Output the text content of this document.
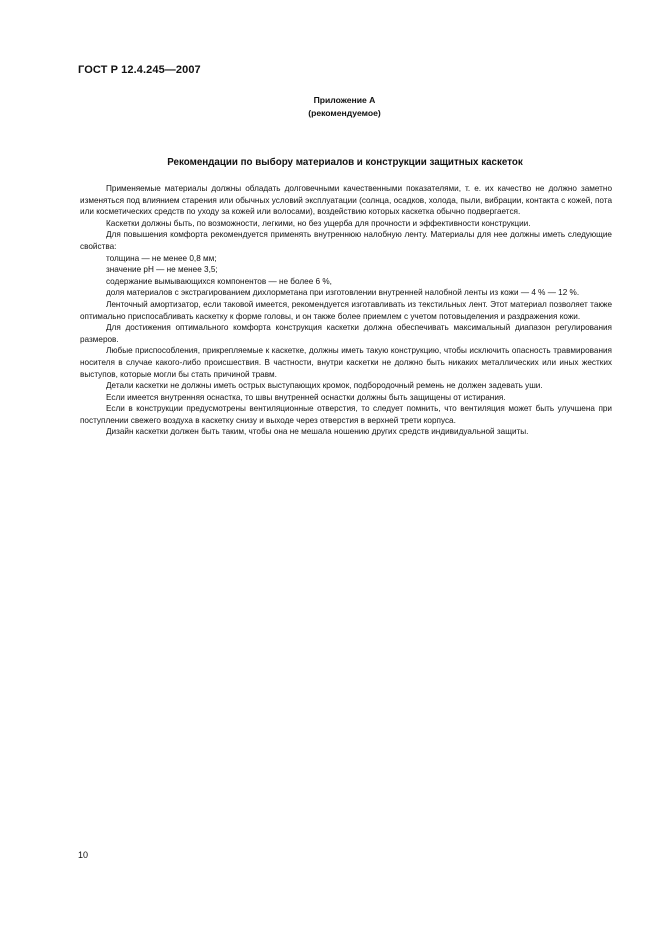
ГОСТ Р 12.4.245—2007
Приложение А
(рекомендуемое)
Рекомендации по выбору материалов и конструкции защитных каскеток

Применяемые материалы должны обладать долговечными качественными показателями, т. е. их качество не должно заметно изменяться под влиянием старения или обычных условий эксплуатации (солнца, осадков, холода, пыли, вибрации, контакта с кожей, пота или косметических средств по уходу за кожей или волосами), воздействию которых каскетка обычно подвергается.

Каскетки должны быть, по возможности, легкими, но без ущерба для прочности и эффективности конструкции.

Для повышения комфорта рекомендуется применять внутреннюю налобную ленту. Материалы для нее должны иметь следующие свойства:

толщина — не менее 0,8 мм;

значение рН — не менее 3,5;

содержание вымывающихся компонентов — не более 6 %,

доля материалов с экстрагированием дихлорметана при изготовлении внутренней налобной ленты из кожи — 4 % — 12 %.

Ленточный амортизатор, если таковой имеется, рекомендуется изготавливать из текстильных лент. Этот материал позволяет также оптимально приспосабливать каскетку к форме головы, и он также более приемлем с учетом потовыделения и раздражения кожи.

Для достижения оптимального комфорта конструкция каскетки должна обеспечивать максимальный диапазон регулирования размеров.

Любые приспособления, прикрепляемые к каскетке, должны иметь такую конструкцию, чтобы исключить опасность травмирования носителя в случае какого-либо происшествия. В частности, внутри каскетки не должно быть никаких металлических или иных жестких выступов, которые могли бы стать причиной травм.

Детали каскетки не должны иметь острых выступающих кромок, подбородочный ремень не должен задевать уши.

Если имеется внутренняя оснастка, то швы внутренней оснастки должны быть защищены от истирания.

Если в конструкции предусмотрены вентиляционные отверстия, то следует помнить, что вентиляция может быть улучшена при поступлении свежего воздуха в каскетку снизу и выходе через отверстия в верхней трети корпуса.

Дизайн каскетки должен быть таким, чтобы она не мешала ношению других средств индивидуальной защиты.

10
